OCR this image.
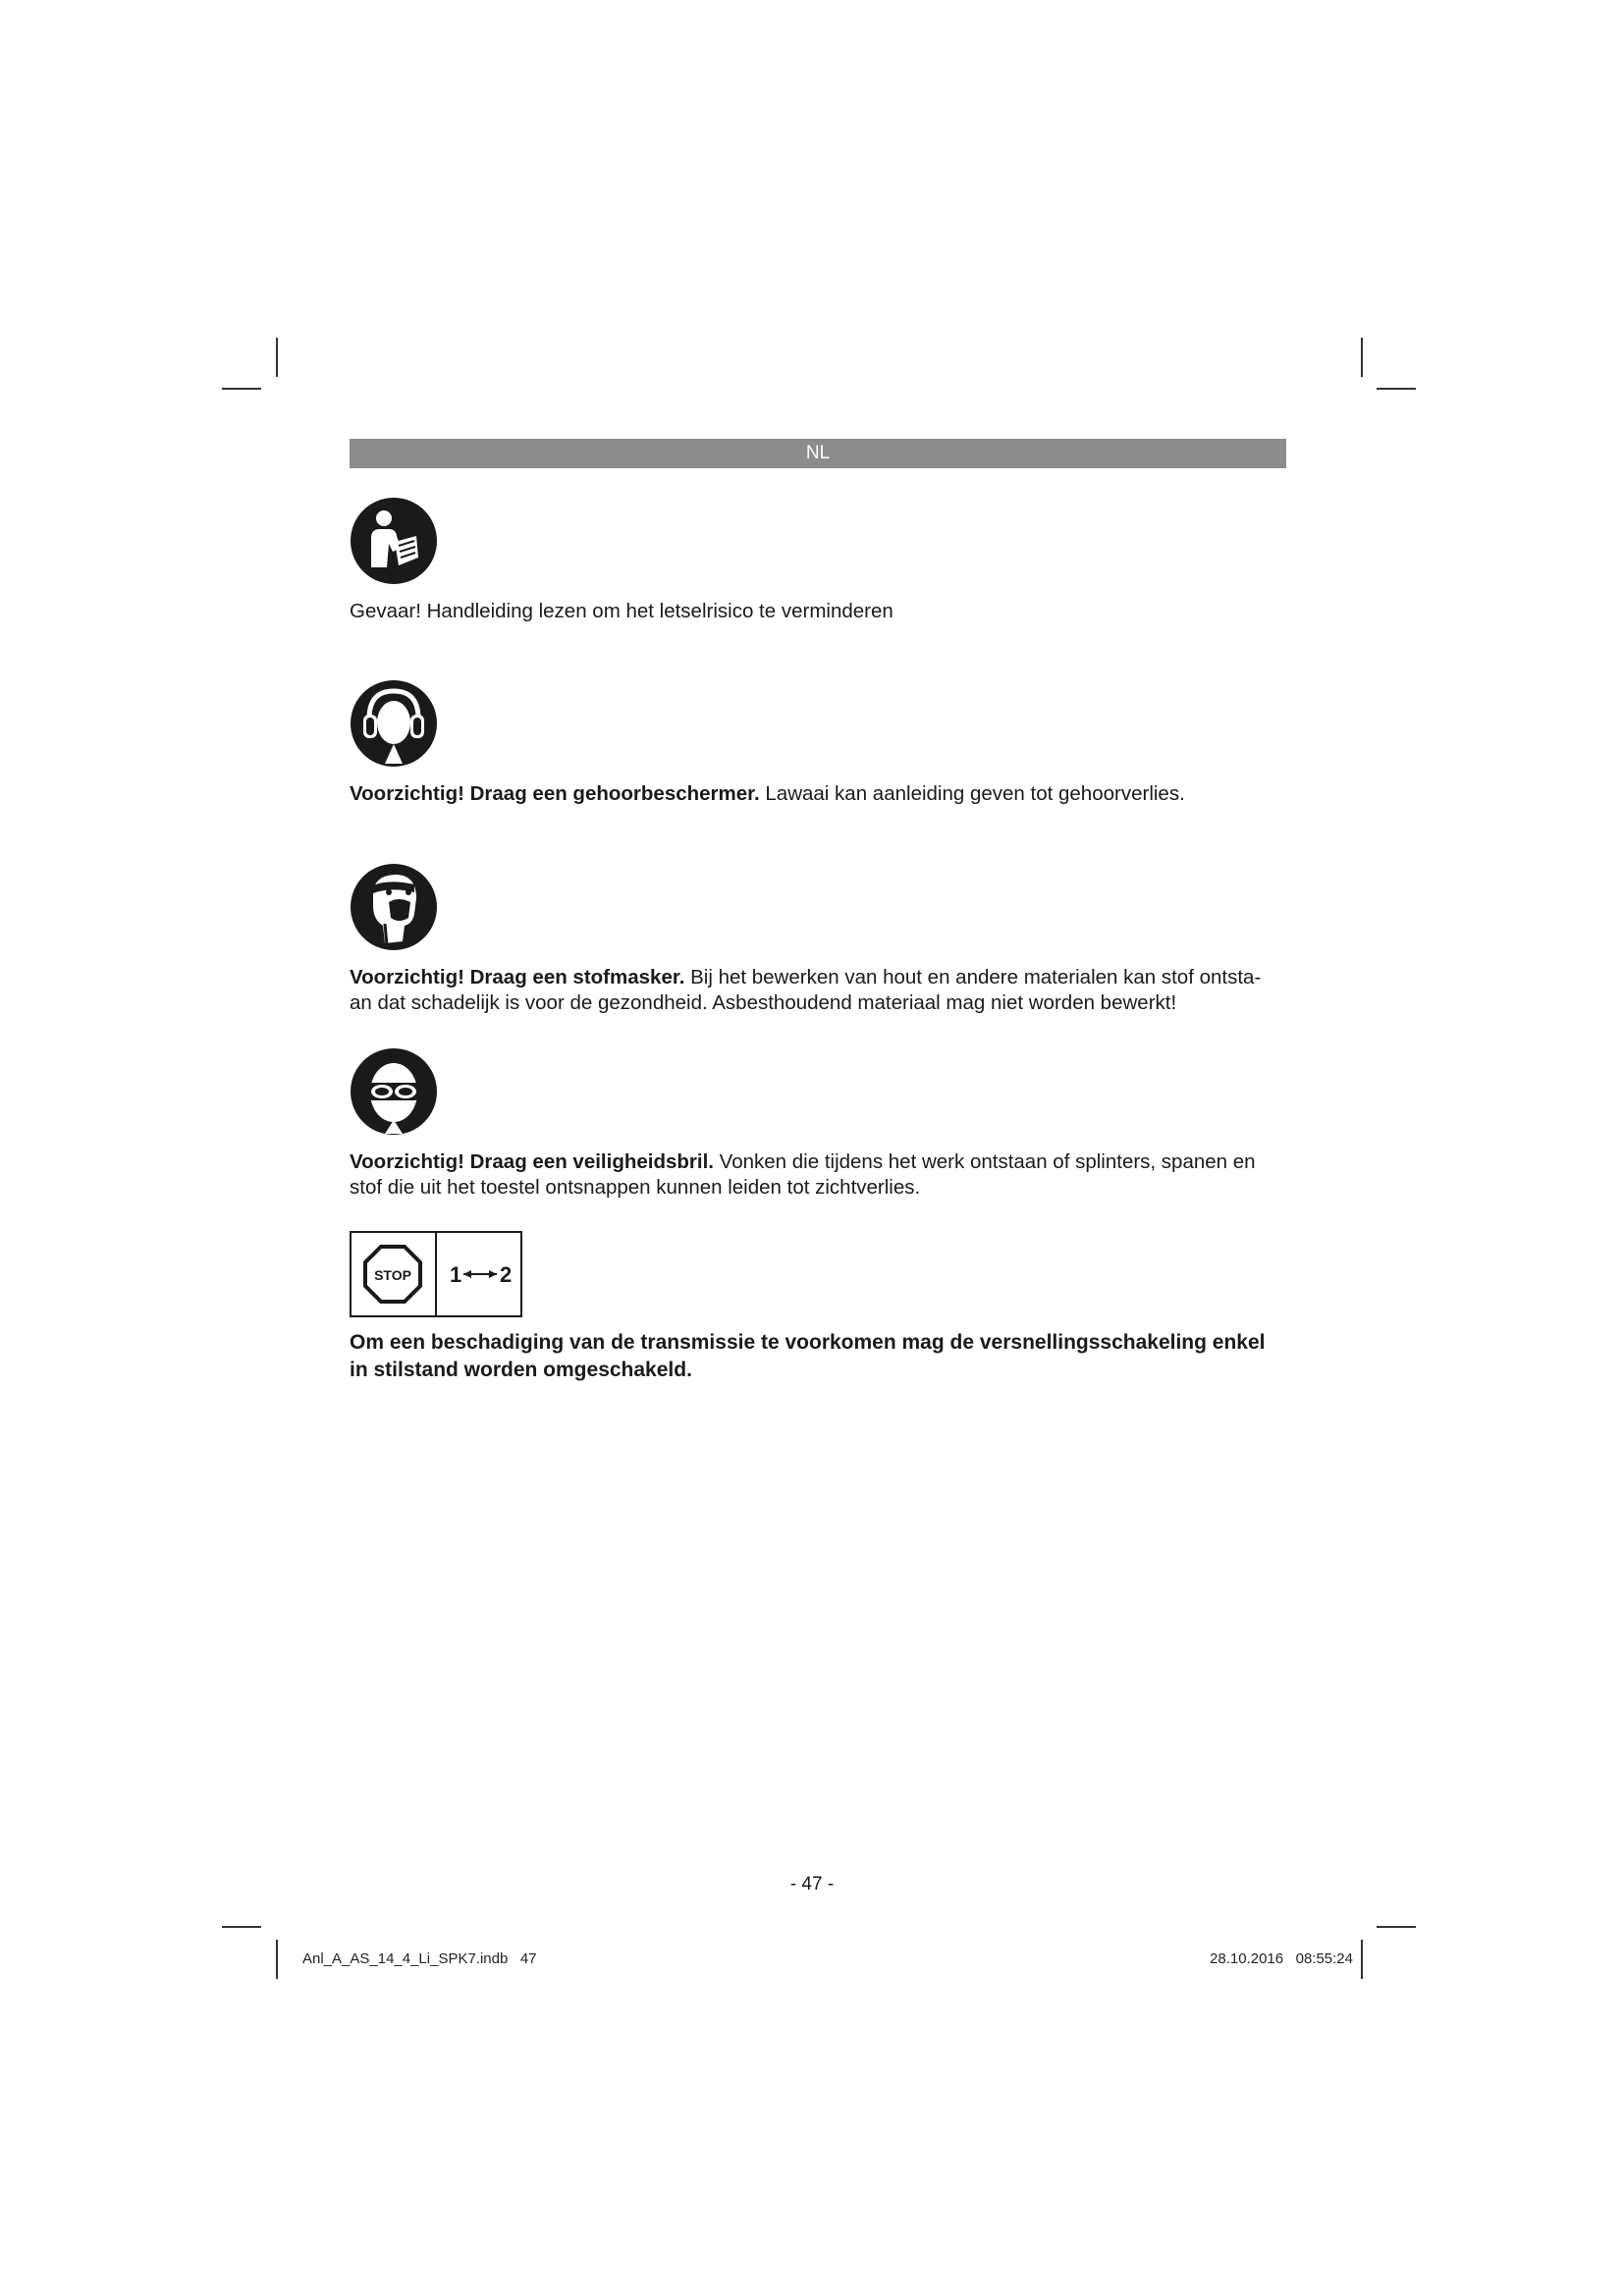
NL
Gevaar! Handleiding lezen om het letselrisico te verminderen
Voorzichtig! Draag een gehoorbeschermer. Lawaai kan aanleiding geven tot gehoorverlies.
Voorzichtig! Draag een stofmasker. Bij het bewerken van hout en andere materialen kan stof ontsta-
an dat schadelijk is voor de gezondheid. Asbesthoudend materiaal mag niet worden bewerkt!
Voorzichtig! Draag een veiligheidsbril. Vonken die tijdens het werk ontstaan of splinters, spanen en
stof die uit het toestel ontsnappen kunnen leiden tot zichtverlies.
STOP 1 2
Om een beschadiging van de transmissie te voorkomen mag de versnellingsschakeling enkel
in stilstand worden omgeschakeld.
- 47 -
Anl_A_AS_14_4_Li_SPK7.indb   47	28.10.2016   08:55:24
